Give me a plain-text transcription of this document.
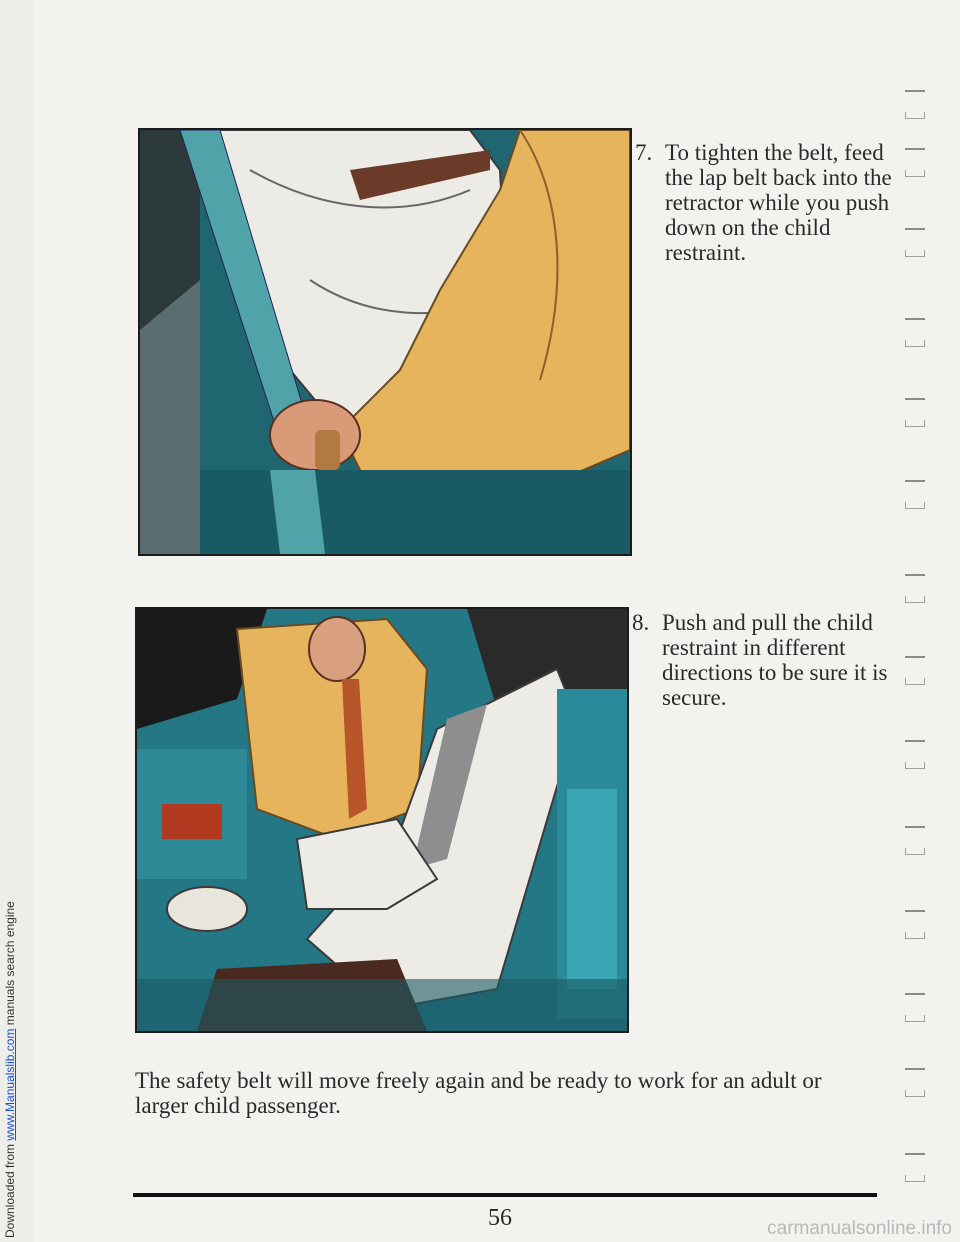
Downloaded from www.Manualslib.com manuals search engine
7. To tighten the belt, feed the lap belt back into the retractor while you push down on the child restraint.
8. Push and pull the child restraint in different directions to be sure it is secure.

The safety belt will move freely again and be ready to work for an adult or larger child passenger.

56	carmanualsonline.info
